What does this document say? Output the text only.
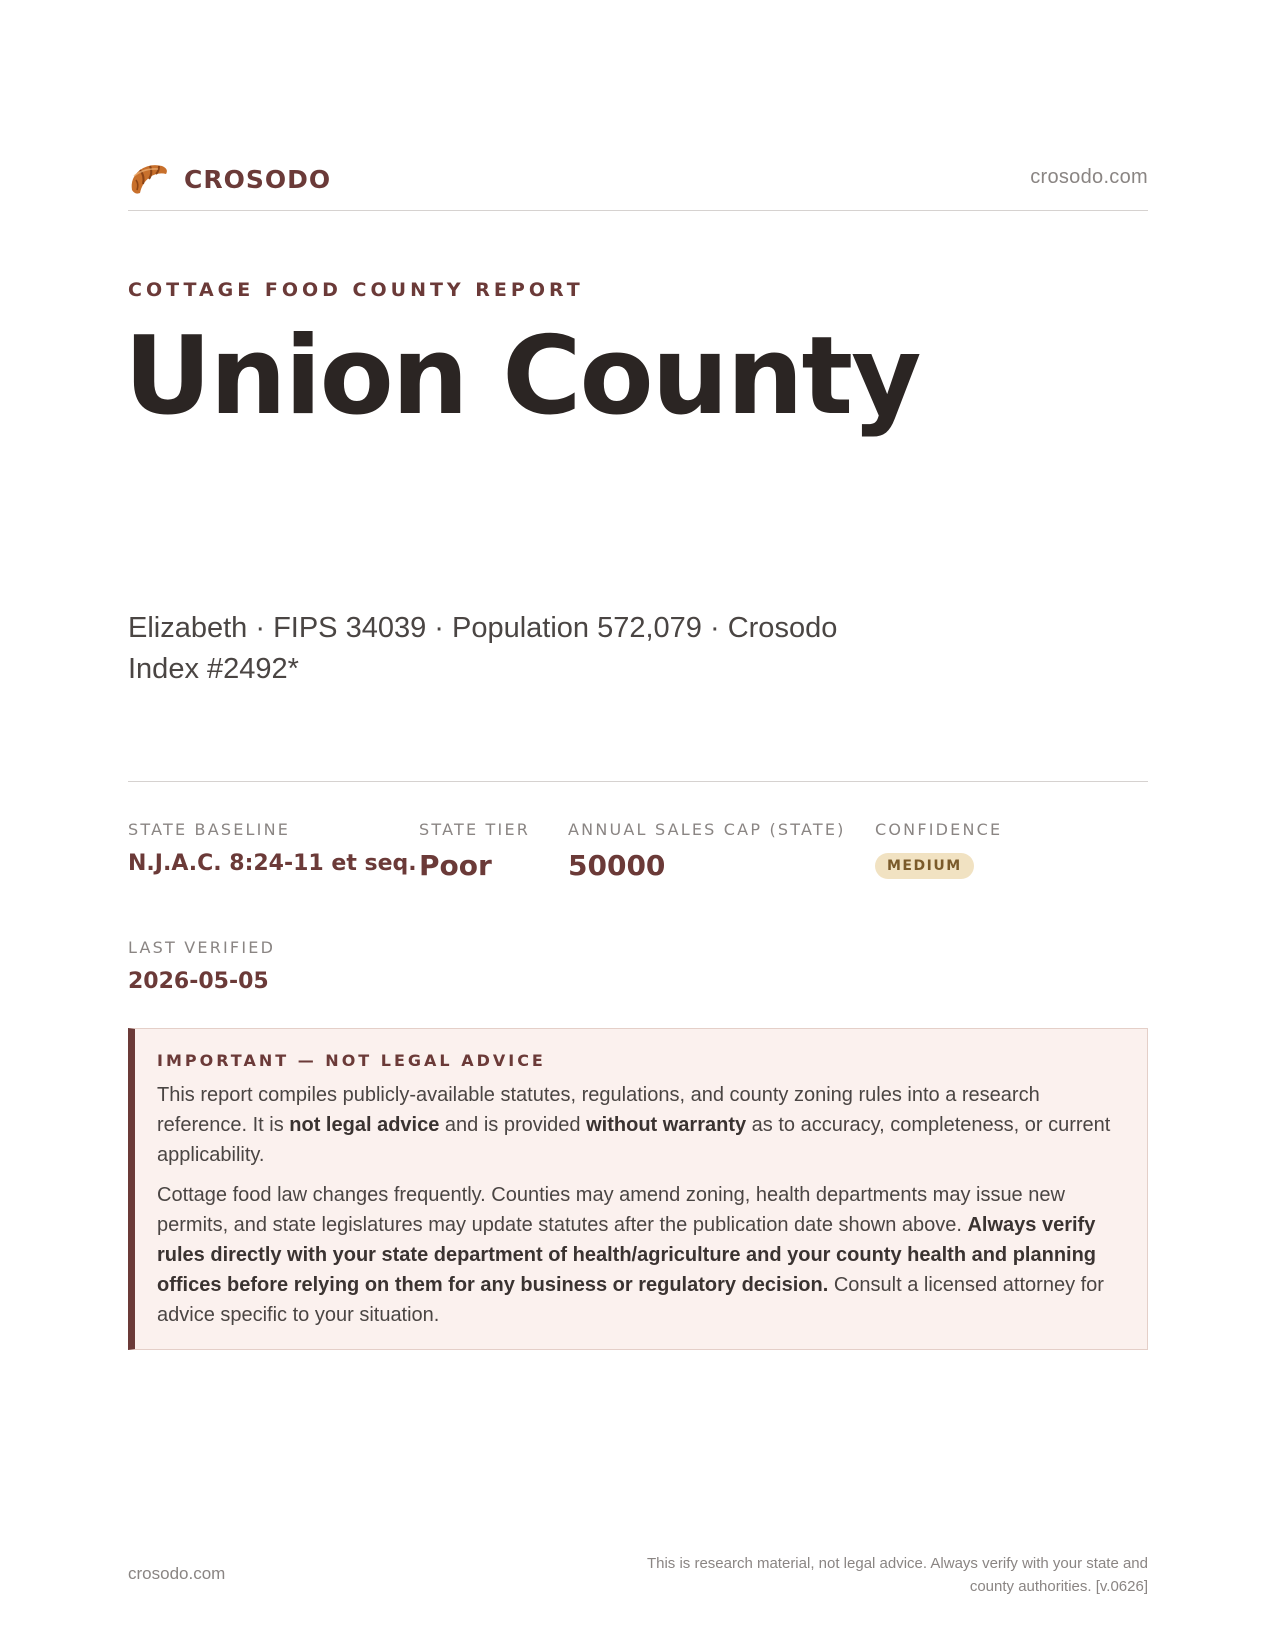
CROSODO	crosodo.com
COTTAGE FOOD COUNTY REPORT
Union County
Elizabeth · FIPS 34039 · Population 572,079 · Crosodo Index #2492*
STATE BASELINE
N.J.A.C. 8:24-11 et seq.
STATE TIER
Poor
ANNUAL SALES CAP (STATE)
50000
CONFIDENCE
MEDIUM
LAST VERIFIED
2026-05-05
IMPORTANT — NOT LEGAL ADVICE

This report compiles publicly-available statutes, regulations, and county zoning rules into a research reference. It is not legal advice and is provided without warranty as to accuracy, completeness, or current applicability.

Cottage food law changes frequently. Counties may amend zoning, health departments may issue new permits, and state legislatures may update statutes after the publication date shown above. Always verify rules directly with your state department of health/agriculture and your county health and planning offices before relying on them for any business or regulatory decision. Consult a licensed attorney for advice specific to your situation.

crosodo.com
This is research material, not legal advice. Always verify with your state and county authorities. [v.0626]
